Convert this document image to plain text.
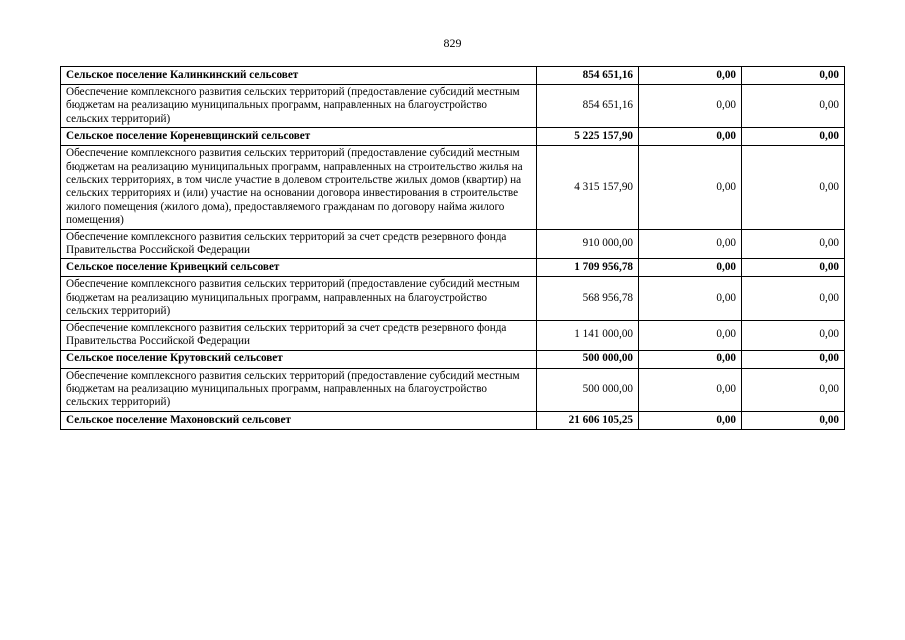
829
Сельское поселение Калинкинский сельсовет	854 651,16	0,00	0,00
Обеспечение комплексного развития сельских территорий (предоставление субсидий местным бюджетам на реализацию муниципальных программ, направленных на благоустройство сельских территорий)	854 651,16	0,00	0,00
Сельское поселение Кореневщинский сельсовет	5 225 157,90	0,00	0,00
Обеспечение комплексного развития сельских территорий (предоставление субсидий местным бюджетам на реализацию муниципальных программ, направленных на строительство жилья на сельских территориях, в том числе участие в долевом строительстве жилых домов (квартир) на сельских территориях и (или) участие на основании договора инвестирования в строительстве жилого помещения (жилого дома), предоставляемого гражданам по договору найма жилого помещения)	4 315 157,90	0,00	0,00
Обеспечение комплексного развития сельских территорий за счет средств резервного фонда Правительства Российской Федерации	910 000,00	0,00	0,00
Сельское поселение Кривецкий сельсовет	1 709 956,78	0,00	0,00
Обеспечение комплексного развития сельских территорий (предоставление субсидий местным бюджетам на реализацию муниципальных программ, направленных на благоустройство сельских территорий)	568 956,78	0,00	0,00
Обеспечение комплексного развития сельских территорий за счет средств резервного фонда Правительства Российской Федерации	1 141 000,00	0,00	0,00
Сельское поселение Крутовский сельсовет	500 000,00	0,00	0,00
Обеспечение комплексного развития сельских территорий (предоставление субсидий местным бюджетам на реализацию муниципальных программ, направленных на благоустройство сельских территорий)	500 000,00	0,00	0,00
Сельское поселение Махоновский сельсовет	21 606 105,25	0,00	0,00
